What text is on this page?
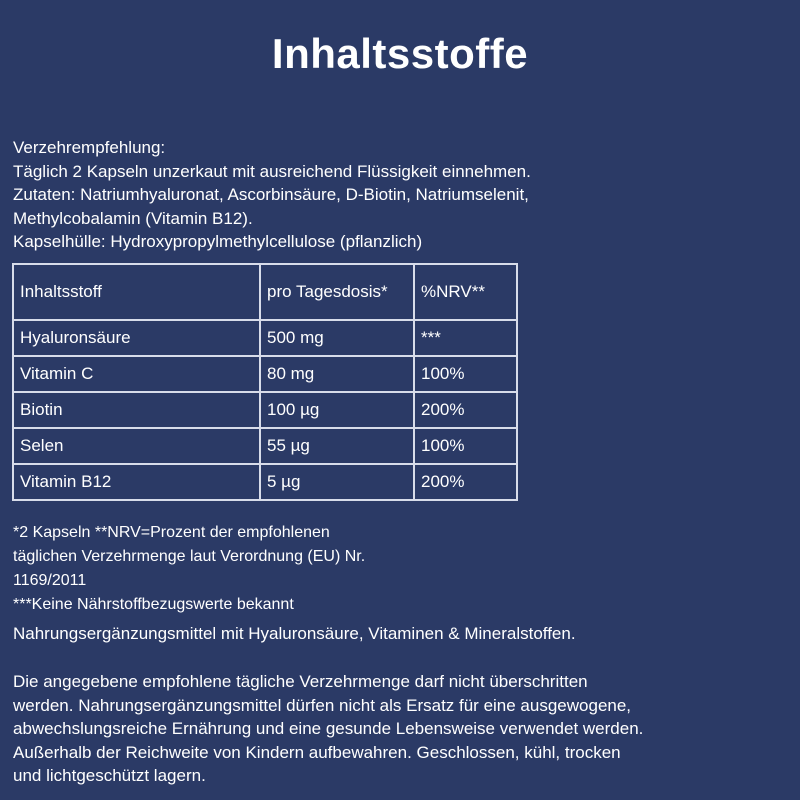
Inhaltsstoffe
Verzehrempfehlung:
Täglich 2 Kapseln unzerkaut mit ausreichend Flüssigkeit einnehmen.
Zutaten: Natriumhyaluronat, Ascorbinsäure, D-Biotin, Natriumselenit,
Methylcobalamin (Vitamin B12).
Kapselhülle: Hydroxypropylmethylcellulose (pflanzlich)
Inhaltsstoff	pro Tagesdosis*	%NRV**
Hyaluronsäure	500 mg	***
Vitamin C	80 mg	100%
Biotin	100 µg	200%
Selen	55 µg	100%
Vitamin B12	5 µg	200%
*2 Kapseln **NRV=Prozent der empfohlenen
täglichen Verzehrmenge laut Verordnung (EU) Nr.
1169/2011
***Keine Nährstoffbezugswerte bekannt
Nahrungsergänzungsmittel mit Hyaluronsäure, Vitaminen & Mineralstoffen.
Die angegebene empfohlene tägliche Verzehrmenge darf nicht überschritten
werden. Nahrungsergänzungsmittel dürfen nicht als Ersatz für eine ausgewogene,
abwechslungsreiche Ernährung und eine gesunde Lebensweise verwendet werden.
Außerhalb der Reichweite von Kindern aufbewahren. Geschlossen, kühl, trocken
und lichtgeschützt lagern.
